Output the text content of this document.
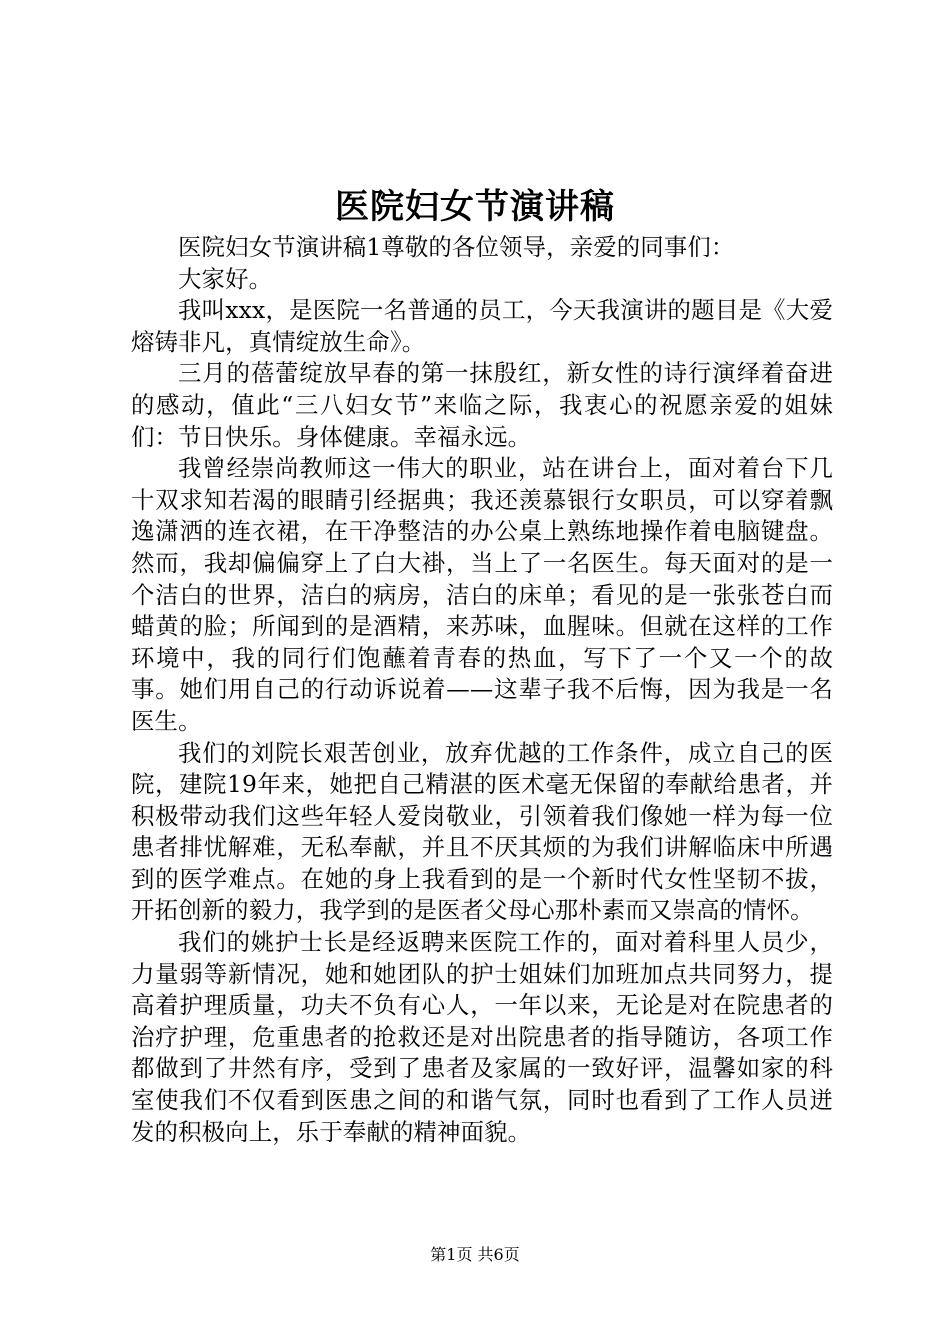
医院妇女节演讲稿

医院妇女节演讲稿1尊敬的各位领导，亲爱的同事们：

大家好。

我叫xxx，是医院一名普通的员工，今天我演讲的题目是《大爱熔铸非凡，真情绽放生命》。

三月的蓓蕾绽放早春的第一抹殷红，新女性的诗行演绎着奋进的感动，值此“三八妇女节”来临之际，我衷心的祝愿亲爱的姐妹们：节日快乐。身体健康。幸福永远。

我曾经崇尚教师这一伟大的职业，站在讲台上，面对着台下几十双求知若渴的眼睛引经据典；我还羡慕银行女职员，可以穿着飘逸潇洒的连衣裙，在干净整洁的办公桌上熟练地操作着电脑键盘。然而，我却偏偏穿上了白大褂，当上了一名医生。每天面对的是一个洁白的世界，洁白的病房，洁白的床单；看见的是一张张苍白而蜡黄的脸；所闻到的是酒精，来苏味，血腥味。但就在这样的工作环境中，我的同行们饱蘸着青春的热血，写下了一个又一个的故事。她们用自己的行动诉说着——这辈子我不后悔，因为我是一名医生。

我们的刘院长艰苦创业，放弃优越的工作条件，成立自己的医院，建院19年来，她把自己精湛的医术毫无保留的奉献给患者，并积极带动我们这些年轻人爱岗敬业，引领着我们像她一样为每一位患者排忧解难，无私奉献，并且不厌其烦的为我们讲解临床中所遇到的医学难点。在她的身上我看到的是一个新时代女性坚韧不拔，开拓创新的毅力，我学到的是医者父母心那朴素而又崇高的情怀。

我们的姚护士长是经返聘来医院工作的，面对着科里人员少，力量弱等新情况，她和她团队的护士姐妹们加班加点共同努力，提高着护理质量，功夫不负有心人，一年以来，无论是对在院患者的治疗护理，危重患者的抢救还是对出院患者的指导随访，各项工作都做到了井然有序，受到了患者及家属的一致好评，温馨如家的科室使我们不仅看到医患之间的和谐气氛，同时也看到了工作人员迸发的积极向上，乐于奉献的精神面貌。

第1页 共6页
